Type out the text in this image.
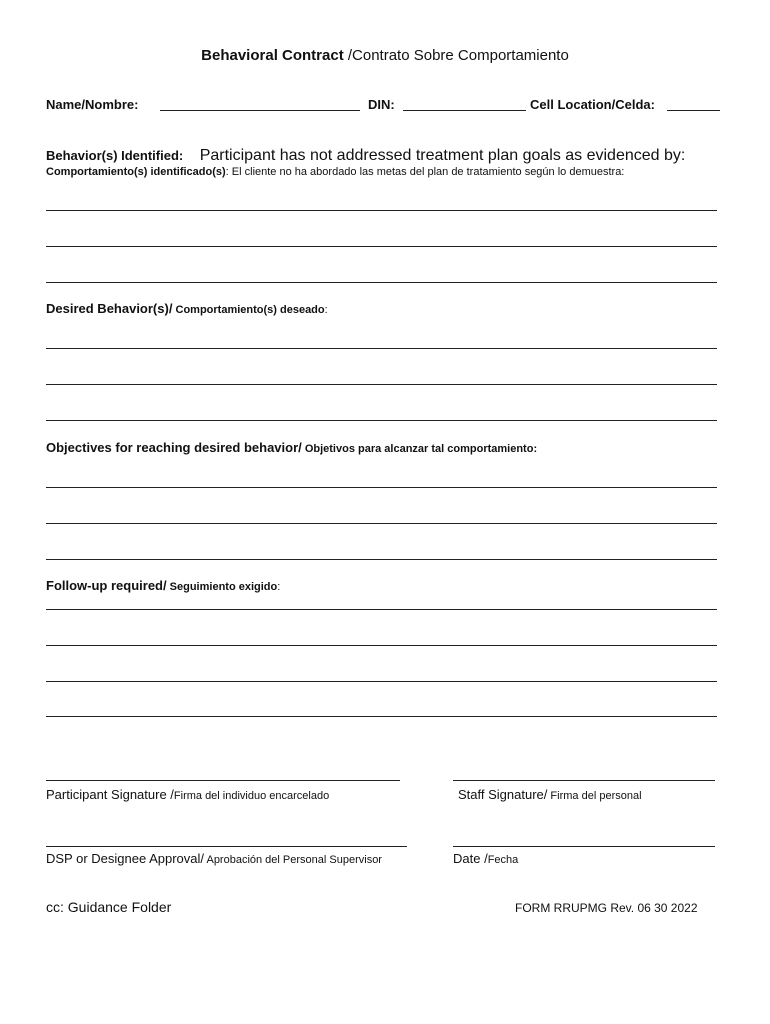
Behavioral Contract /Contrato Sobre Comportamiento
Name/Nombre:	DIN:	Cell Location/Celda:
Behavior(s) Identified: Participant has not addressed treatment plan goals as evidenced by:
Comportamiento(s) identificado(s): El cliente no ha abordado las metas del plan de tratamiento según lo demuestra:
Desired Behavior(s)/ Comportamiento(s) deseado:
Objectives for reaching desired behavior/ Objetivos para alcanzar tal comportamiento:
Follow-up required/ Seguimiento exigido:
Participant Signature /Firma del individuo encarcelado	Staff Signature/ Firma del personal
DSP or Designee Approval/ Aprobación del Personal Supervisor	Date /Fecha
cc: Guidance Folder	FORM RRUPMG Rev. 06 30 2022
